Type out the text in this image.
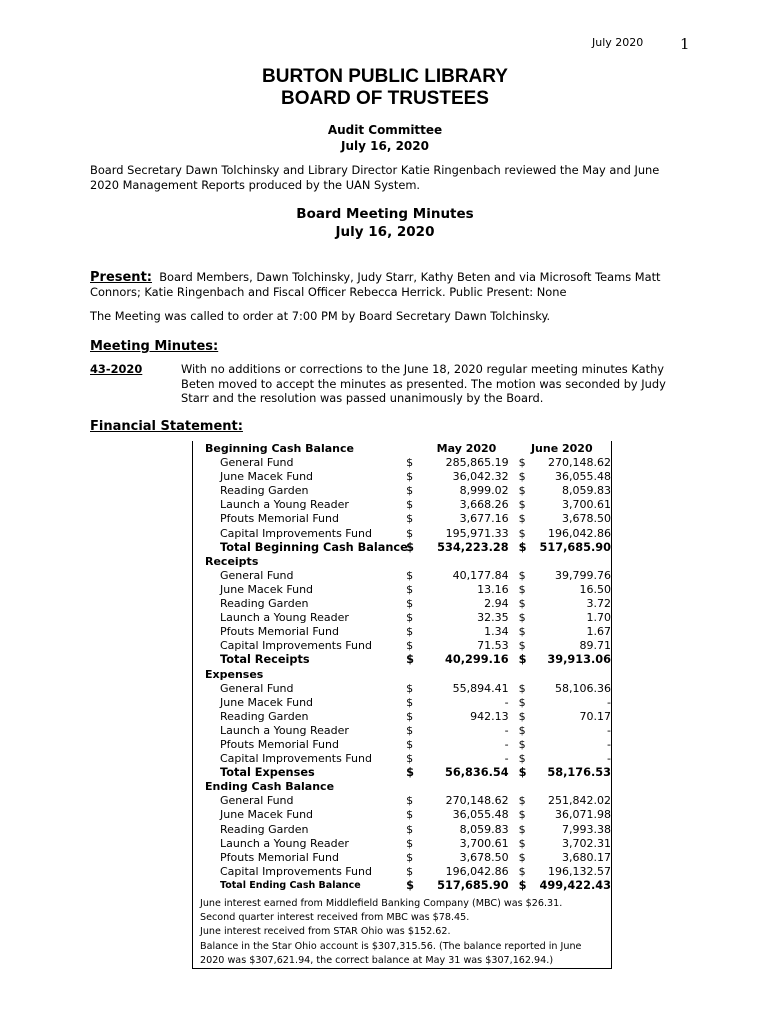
July 2020 1
BURTON PUBLIC LIBRARY
BOARD OF TRUSTEES
Audit Committee
July 16, 2020
Board Secretary Dawn Tolchinsky and Library Director Katie Ringenbach reviewed the May and June 2020 Management Reports produced by the UAN System.
Board Meeting Minutes
July 16, 2020
Present: Board Members, Dawn Tolchinsky, Judy Starr, Kathy Beten and via Microsoft Teams Matt Connors; Katie Ringenbach and Fiscal Officer Rebecca Herrick. Public Present: None
The Meeting was called to order at 7:00 PM by Board Secretary Dawn Tolchinsky.
Meeting Minutes:
43-2020	With no additions or corrections to the June 18, 2020 regular meeting minutes Kathy Beten moved to accept the minutes as presented. The motion was seconded by Judy Starr and the resolution was passed unanimously by the Board.
Financial Statement:
Beginning Cash Balance		May 2020	June 2020	
General Fund	$	285,865.19	$	270,148.62
June Macek Fund	$	36,042.32	$	36,055.48
Reading Garden	$	8,999.02	$	8,059.83
Launch a Young Reader	$	3,668.26	$	3,700.61
Pfouts Memorial Fund	$	3,677.16	$	3,678.50
Capital Improvements Fund	$	195,971.33	$	196,042.86
Total Beginning Cash Balance	$	534,223.28	$	517,685.90
Receipts				
General Fund	$	40,177.84	$	39,799.76
June Macek Fund	$	13.16	$	16.50
Reading Garden	$	2.94	$	3.72
Launch a Young Reader	$	32.35	$	1.70
Pfouts Memorial Fund	$	1.34	$	1.67
Capital Improvements Fund	$	71.53	$	89.71
Total Receipts	$	40,299.16	$	39,913.06
Expenses				
General Fund	$	55,894.41	$	58,106.36
June Macek Fund	$	-	$	-
Reading Garden	$	942.13	$	70.17
Launch a Young Reader	$	-	$	-
Pfouts Memorial Fund	$	-	$	-
Capital Improvements Fund	$	-	$	-
Total Expenses	$	56,836.54	$	58,176.53
Ending Cash Balance				
General Fund	$	270,148.62	$	251,842.02
June Macek Fund	$	36,055.48	$	36,071.98
Reading Garden	$	8,059.83	$	7,993.38
Launch a Young Reader	$	3,700.61	$	3,702.31
Pfouts Memorial Fund	$	3,678.50	$	3,680.17
Capital Improvements Fund	$	196,042.86	$	196,132.57
Total Ending Cash Balance	$	517,685.90	$	499,422.43
June interest earned from Middlefield Banking Company (MBC) was $26.31.
Second quarter interest received from MBC was $78.45.
June interest received from STAR Ohio was $152.62.
Balance in the Star Ohio account is $307,315.56. (The balance reported in June 2020 was $307,621.94, the correct balance at May 31 was $307,162.94.)
